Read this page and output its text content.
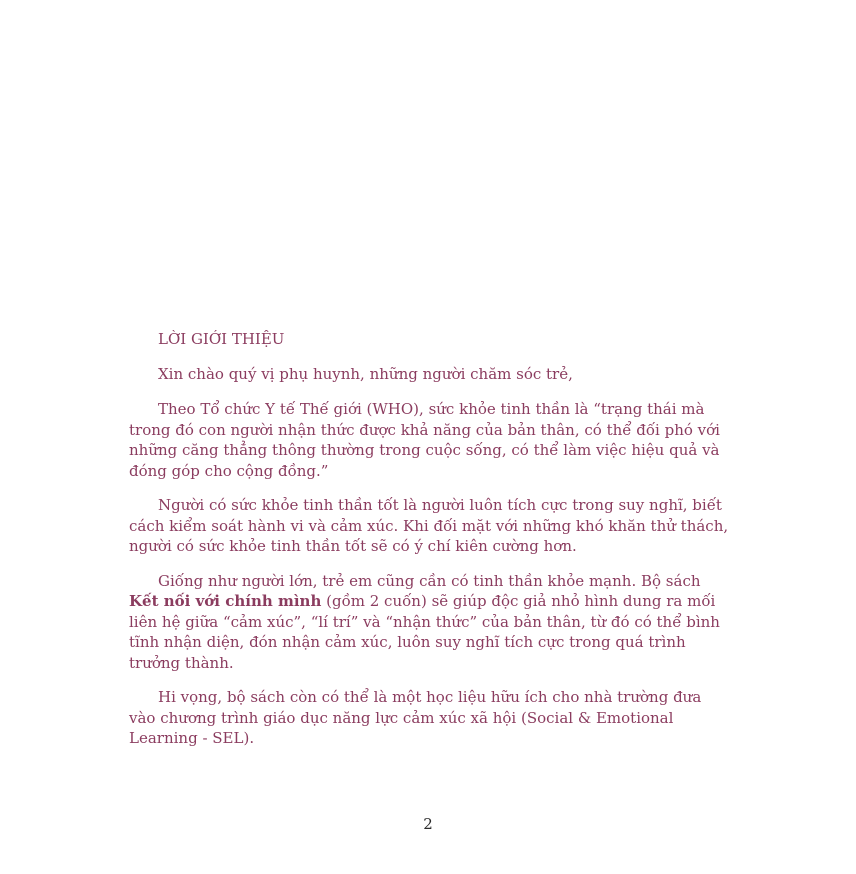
LỜI GIỚI THIỆU

Xin chào quý vị phụ huynh, những người chăm sóc trẻ,

Theo Tổ chức Y tế Thế giới (WHO), sức khỏe tinh thần là “trạng thái mà trong đó con người nhận thức được khả năng của bản thân, có thể đối phó với những căng thẳng thông thường trong cuộc sống, có thể làm việc hiệu quả và đóng góp cho cộng đồng.”

Người có sức khỏe tinh thần tốt là người luôn tích cực trong suy nghĩ, biết cách kiểm soát hành vi và cảm xúc. Khi đối mặt với những khó khăn thử thách, người có sức khỏe tinh thần tốt sẽ có ý chí kiên cường hơn.

Giống như người lớn, trẻ em cũng cần có tinh thần khỏe mạnh. Bộ sách Kết nối với chính mình (gồm 2 cuốn) sẽ giúp độc giả nhỏ hình dung ra mối liên hệ giữa “cảm xúc”, “lí trí” và “nhận thức” của bản thân, từ đó có thể bình tĩnh nhận diện, đón nhận cảm xúc, luôn suy nghĩ tích cực trong quá trình trưởng thành.

Hi vọng, bộ sách còn có thể là một học liệu hữu ích cho nhà trường đưa vào chương trình giáo dục năng lực cảm xúc xã hội (Social & Emotional Learning - SEL).

2
